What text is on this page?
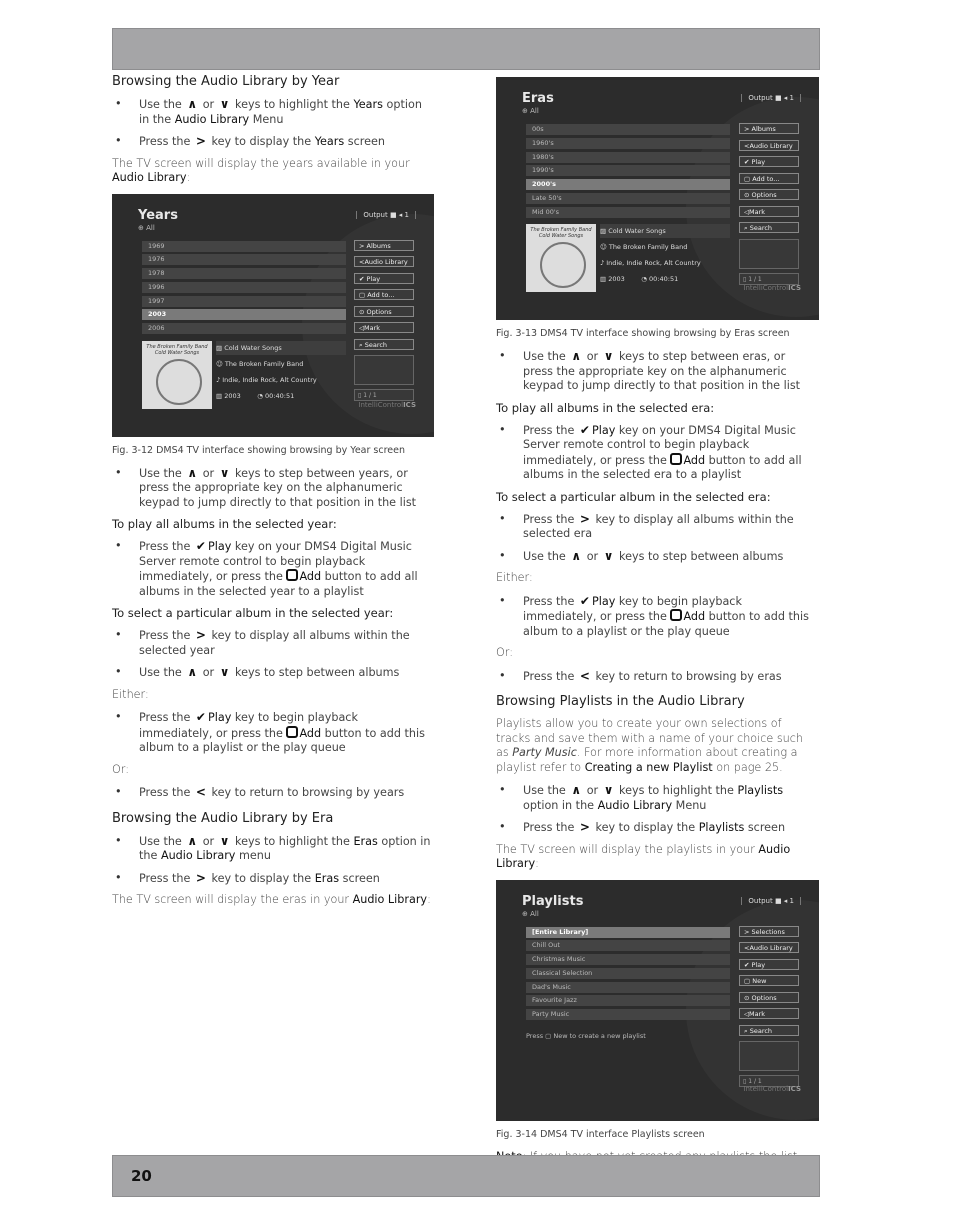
Browsing the Audio Library by Year
• Use the ∧ or ∨ keys to highlight the Years option in the Audio Library Menu
• Press the > key to display the Years screen
The TV screen will display the years available in your Audio Library:
Years
⊕ All
Output ■ ◂ 1
1969
1976
1978
1996
1997
2003
2006
> Albums
<Audio Library
✔ Play
▢ Add to...
⊙ Options
◁Mark
⌕ Search
▯ 1 / 1
The Broken Family Band Cold Water Songs
▨ Cold Water Songs
☺ The Broken Family Band
♪ Indie, Indie Rock, Alt Country
▥ 2003        ◔ 00:40:51
IntelliControlICS
Fig. 3-12 DMS4 TV interface showing browsing by Year screen
• Use the ∧ or ∨ keys to step between years, or press the appropriate key on the alphanumeric keypad to jump directly to that position in the list
To play all albums in the selected year:
• Press the ✔ Play key on your DMS4 Digital Music Server remote control to begin playback immediately, or press the Add button to add all albums in the selected year to a playlist
To select a particular album in the selected year:
• Press the > key to display all albums within the selected year
• Use the ∧ or ∨ keys to step between albums
Either:
• Press the ✔ Play key to begin playback immediately, or press the Add button to add this album to a playlist or the play queue
Or:
• Press the < key to return to browsing by years
Browsing the Audio Library by Era
• Use the ∧ or ∨ keys to highlight the Eras option in the Audio Library menu
• Press the > key to display the Eras screen
The TV screen will display the eras in your Audio Library:
Eras
⊕ All
Output ■ ◂ 1
00s
1960's
1980's
1990's
2000's
Late 50's
Mid 00's
> Albums
<Audio Library
✔ Play
▢ Add to...
⊙ Options
◁Mark
⌕ Search
▯ 1 / 1
The Broken Family Band Cold Water Songs
▨ Cold Water Songs
☺ The Broken Family Band
♪ Indie, Indie Rock, Alt Country
▥ 2003        ◔ 00:40:51
IntelliControlICS
Fig. 3-13 DMS4 TV interface showing browsing by Eras screen
• Use the ∧ or ∨ keys to step between eras, or press the appropriate key on the alphanumeric keypad to jump directly to that position in the list
To play all albums in the selected era:
• Press the ✔ Play key on your DMS4 Digital Music Server remote control to begin playback immediately, or press the Add button to add all albums in the selected era to a playlist
To select a particular album in the selected era:
• Press the > key to display all albums within the selected era
• Use the ∧ or ∨ keys to step between albums
Either:
• Press the ✔ Play key to begin playback immediately, or press the Add button to add this album to a playlist or the play queue
Or:
• Press the < key to return to browsing by eras
Browsing Playlists in the Audio Library
Playlists allow you to create your own selections of tracks and save them with a name of your choice such as Party Music. For more information about creating a playlist refer to Creating a new Playlist on page 25.
• Use the ∧ or ∨ keys to highlight the Playlists option in the Audio Library Menu
• Press the > key to display the Playlists screen
The TV screen will display the playlists in your Audio Library:
Playlists
⊕ All
Output ■ ◂ 1
[Entire Library]
Chill Out
Christmas Music
Classical Selection
Dad's Music
Favourite Jazz
Party Music
Press ▢ New to create a new playlist
> Selections
<Audio Library
✔ Play
▢ New
⊙ Options
◁Mark
⌕ Search
▯ 1 / 1
IntelliControlICS
Fig. 3-14 DMS4 TV interface Playlists screen
20
